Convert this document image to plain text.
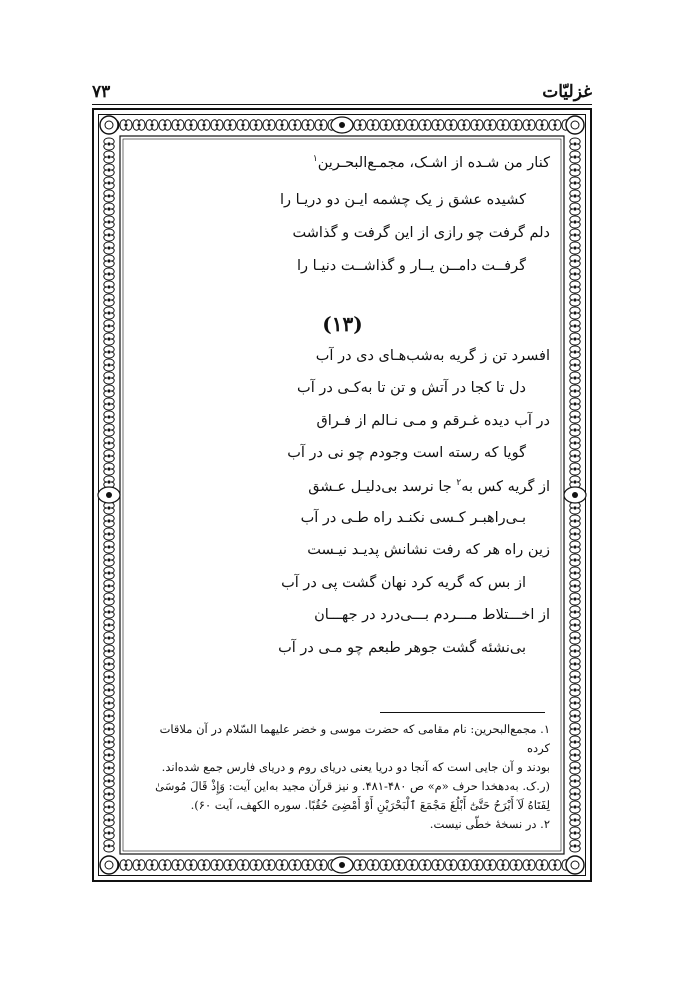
غزلیّات
۷۳
کنار من شـده از اشـک، مجمـع‌البحـرین$^۱$
کشیده عشق ز یک چشمه ایـن دو دریـا را
دلم گرفت چو رازی از این گرفت و گذاشت
گرفــت دامــن یــار و گذاشــت دنیـا را
(۱۳)
افسرد تن ز گریه به‌شب‌هـای دی در آب
دل تا کجا در آتش و تن تا به‌کـی در آب
در آب دیده غـرقم و مـی نـالم از فـراق
گویا که رسته است وجودم چو نی در آب
از گریه کس به$^۲$ جا نرسد بی‌دلیـل عـشق
بـی‌راهبـر کـسی نکنـد راه طـی در آب
زین راه هر که رفت نشانش پدیـد نیـست
از بس که گریه کرد نهان گشت پی در آب
از اخـــتلاط مـــردم بـــی‌درد در جهـــان
بی‌نشئه گشت جوهر طبعم چو مـی در آب
۱. مجمع‌البحرین: نام مقامی که حضرت موسی و خضر علیهما السّلام در آن ملاقات کرده
بودند و آن جایی است که آنجا دو دریا یعنی دریای روم و دریای فارس جمع شده‌اند.
(ر.ک. به‌دهخدا حرف «م» ص ۴۸۰-۴۸۱. و نیز قرآن مجید به‌این آیت: وَإِذْ قَالَ مُوسَىٰ
لِفَتَاهُ لَآ أَبْرَحُ حَتَّىٰٓ أَبْلُغَ مَجْمَعَ ٱلْبَحْرَيْنِ أَوْ أَمْضِىَ حُقُبًا. سوره الکهف، آیت ۶۰).
۲. در نسخهٔ خطّی نیست.
